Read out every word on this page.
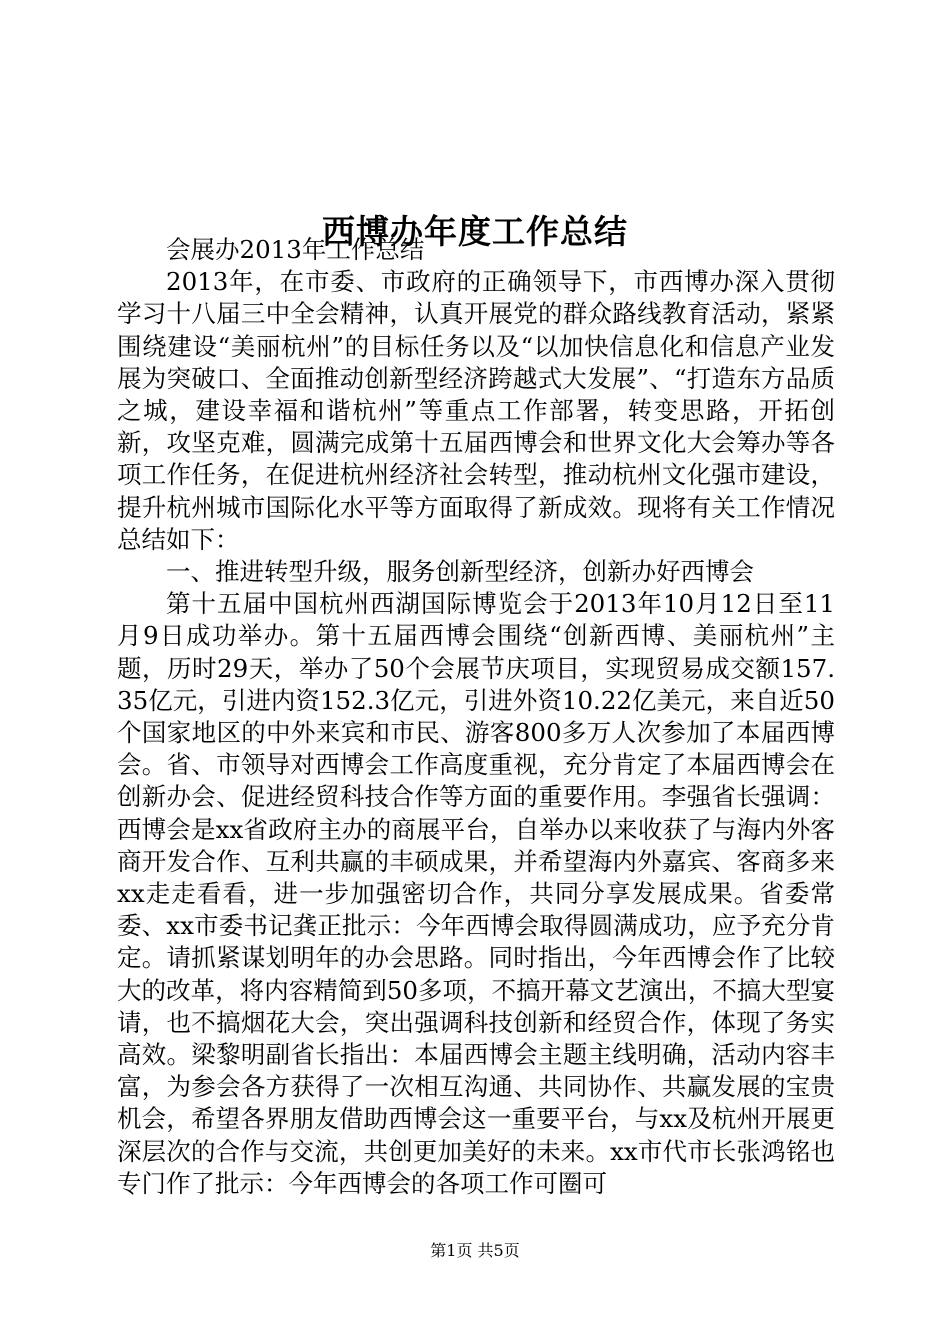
西博办年度工作总结

会展办2013年工作总结

2013年，在市委、市政府的正确领导下，市西博办深入贯彻学习十八届三中全会精神，认真开展党的群众路线教育活动，紧紧围绕建设“美丽杭州”的目标任务以及“以加快信息化和信息产业发展为突破口、全面推动创新型经济跨越式大发展”、“打造东方品质之城，建设幸福和谐杭州”等重点工作部署，转变思路，开拓创新，攻坚克难，圆满完成第十五届西博会和世界文化大会筹办等各项工作任务，在促进杭州经济社会转型，推动杭州文化强市建设，提升杭州城市国际化水平等方面取得了新成效。现将有关工作情况总结如下：

一、推进转型升级，服务创新型经济，创新办好西博会

第十五届中国杭州西湖国际博览会于2013年10月12日至11月9日成功举办。第十五届西博会围绕“创新西博、美丽杭州”主题，历时29天，举办了50个会展节庆项目，实现贸易成交额157.35亿元，引进内资152.3亿元，引进外资10.22亿美元，来自近50个国家地区的中外来宾和市民、游客800多万人次参加了本届西博会。省、市领导对西博会工作高度重视，充分肯定了本届西博会在创新办会、促进经贸科技合作等方面的重要作用。李强省长强调：西博会是xx省政府主办的商展平台，自举办以来收获了与海内外客商开发合作、互利共赢的丰硕成果，并希望海内外嘉宾、客商多来xx走走看看，进一步加强密切合作，共同分享发展成果。省委常委、xx市委书记龚正批示：今年西博会取得圆满成功，应予充分肯定。请抓紧谋划明年的办会思路。同时指出，今年西博会作了比较大的改革，将内容精简到50多项，不搞开幕文艺演出，不搞大型宴请，也不搞烟花大会，突出强调科技创新和经贸合作，体现了务实高效。梁黎明副省长指出：本届西博会主题主线明确，活动内容丰富，为参会各方获得了一次相互沟通、共同协作、共赢发展的宝贵机会，希望各界朋友借助西博会这一重要平台，与xx及杭州开展更深层次的合作与交流，共创更加美好的未来。xx市代市长张鸿铭也专门作了批示：今年西博会的各项工作可圈可

第1页 共5页
